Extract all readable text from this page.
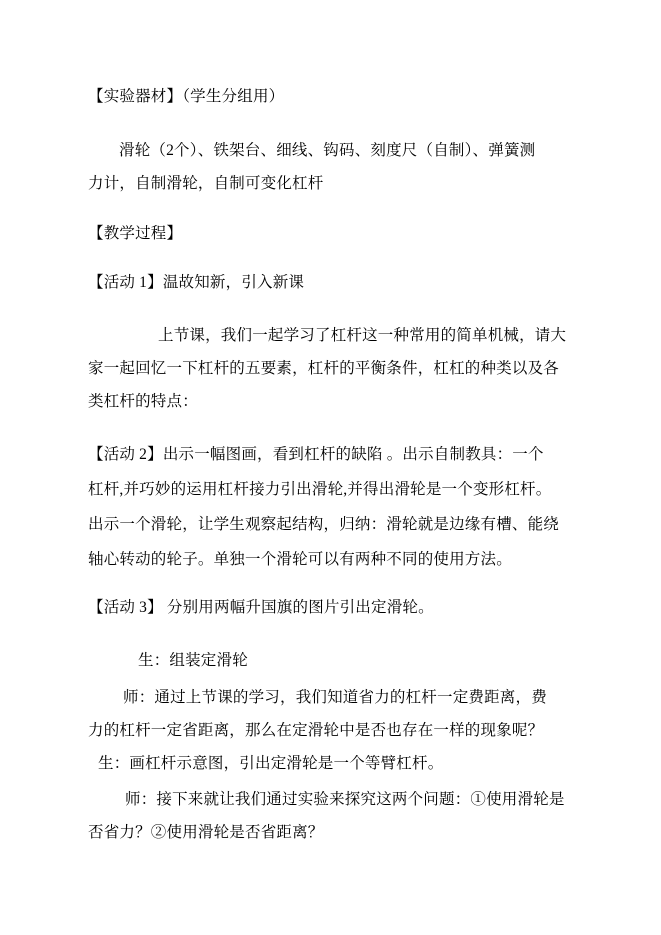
【实验器材】（学生分组用）
滑轮（2个）、铁架台、细线、钩码、刻度尺（自制）、弹簧测
力计，自制滑轮，自制可变化杠杆
【教学过程】
【活动 1】温故知新，引入新课
上节课，我们一起学习了杠杆这一种常用的简单机械，请大
家一起回忆一下杠杆的五要素，杠杆的平衡条件，杠杠的种类以及各
类杠杆的特点：
【活动 2】出示一幅图画，看到杠杆的缺陷 。出示自制教具：一个
杠杆,并巧妙的运用杠杆接力引出滑轮,并得出滑轮是一个变形杠杆。
出示一个滑轮，让学生观察起结构，归纳：滑轮就是边缘有槽、能绕
轴心转动的轮子。单独一个滑轮可以有两种不同的使用方法。
【活动 3】 分别用两幅升国旗的图片引出定滑轮。
生：组装定滑轮
师：通过上节课的学习，我们知道省力的杠杆一定费距离，费
力的杠杆一定省距离，那么在定滑轮中是否也存在一样的现象呢？
生：画杠杆示意图，引出定滑轮是一个等臂杠杆。
师：接下来就让我们通过实验来探究这两个问题：①使用滑轮是
否省力？②使用滑轮是否省距离？
